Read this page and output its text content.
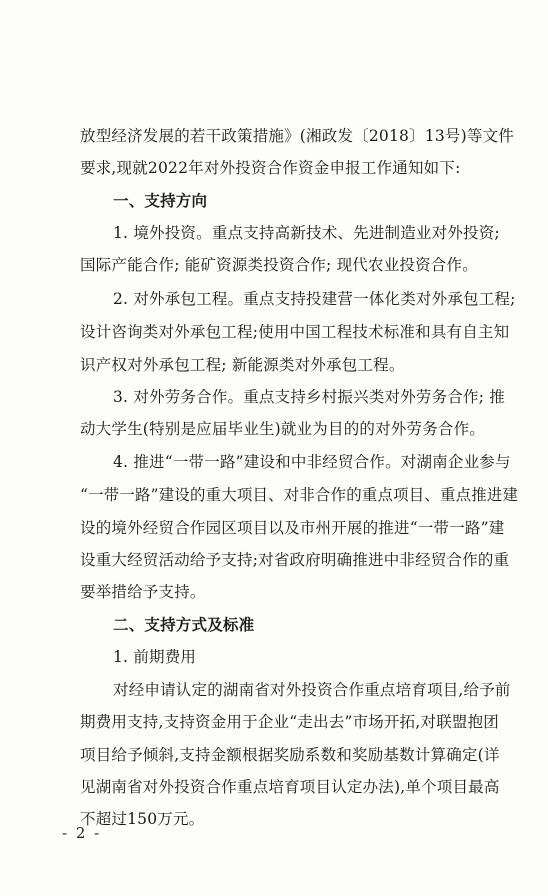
放型经济发展的若干政策措施》(湘政发〔2018〕13号)等文件
要求,现就2022年对外投资合作资金申报工作通知如下:
一、支持方向
1. 境外投资。重点支持高新技术、先进制造业对外投资;
国际产能合作; 能矿资源类投资合作; 现代农业投资合作。
2. 对外承包工程。重点支持投建营一体化类对外承包工程;
设计咨询类对外承包工程;使用中国工程技术标准和具有自主知
识产权对外承包工程; 新能源类对外承包工程。
3. 对外劳务合作。重点支持乡村振兴类对外劳务合作; 推
动大学生(特别是应届毕业生)就业为目的的对外劳务合作。
4. 推进“一带一路”建设和中非经贸合作。对湖南企业参与
“一带一路”建设的重大项目、对非合作的重点项目、重点推进建
设的境外经贸合作园区项目以及市州开展的推进“一带一路”建
设重大经贸活动给予支持;对省政府明确推进中非经贸合作的重
要举措给予支持。
二、支持方式及标准
1. 前期费用
对经申请认定的湖南省对外投资合作重点培育项目,给予前
期费用支持,支持资金用于企业“走出去”市场开拓,对联盟抱团
项目给予倾斜,支持金额根据奖励系数和奖励基数计算确定(详
见湖南省对外投资合作重点培育项目认定办法),单个项目最高
不超过150万元。
- 2 -
